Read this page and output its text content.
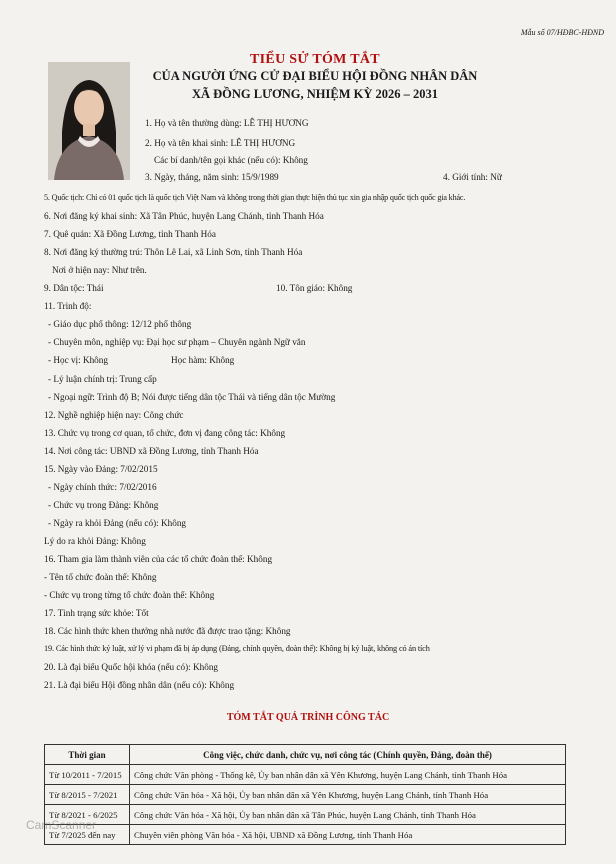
Mẫu số 07/HĐBC-HĐND
TIỂU SỬ TÓM TẮT
CỦA NGƯỜI ỨNG CỬ ĐẠI BIỂU HỘI ĐỒNG NHÂN DÂN
XÃ ĐỒNG LƯƠNG, NHIỆM KỲ 2026 – 2031
1. Họ và tên thường dùng: LÊ THỊ HƯƠNG
2. Họ và tên khai sinh: LÊ THỊ HƯƠNG
Các bí danh/tên gọi khác (nếu có): Không
3. Ngày, tháng, năm sinh: 15/9/1989	4. Giới tính: Nữ
5. Quốc tịch: Chỉ có 01 quốc tịch là quốc tịch Việt Nam và không trong thời gian thực hiện thủ tục xin gia nhập quốc tịch quốc gia khác.
6. Nơi đăng ký khai sinh: Xã Tân Phúc, huyện Lang Chánh, tỉnh Thanh Hóa
7. Quê quán: Xã Đồng Lương, tỉnh Thanh Hóa
8. Nơi đăng ký thường trú: Thôn Lê Lai, xã Linh Sơn, tỉnh Thanh Hóa
Nơi ở hiện nay: Như trên.
9. Dân tộc: Thái	10. Tôn giáo: Không
11. Trình độ:
- Giáo dục phổ thông: 12/12 phổ thông
- Chuyên môn, nghiệp vụ: Đại học sư phạm – Chuyên ngành Ngữ văn
- Học vị: Không	Học hàm: Không
- Lý luận chính trị: Trung cấp
- Ngoại ngữ: Trình độ B; Nói được tiếng dân tộc Thái và tiếng dân tộc Mường
12. Nghề nghiệp hiện nay: Công chức
13. Chức vụ trong cơ quan, tổ chức, đơn vị đang công tác: Không
14. Nơi công tác: UBND xã Đồng Lương, tỉnh Thanh Hóa
15. Ngày vào Đảng: 7/02/2015
- Ngày chính thức: 7/02/2016
- Chức vụ trong Đảng: Không
- Ngày ra khỏi Đảng (nếu có): Không
Lý do ra khỏi Đảng: Không
16. Tham gia làm thành viên của các tổ chức đoàn thể: Không
- Tên tổ chức đoàn thể: Không
- Chức vụ trong từng tổ chức đoàn thể: Không
17. Tình trạng sức khỏe: Tốt
18. Các hình thức khen thưởng nhà nước đã được trao tặng: Không
19. Các hình thức kỷ luật, xử lý vi phạm đã bị áp dụng (Đảng, chính quyền, đoàn thể): Không bị kỷ luật, không có án tích
20. Là đại biểu Quốc hội khóa (nếu có): Không
21. Là đại biểu Hội đồng nhân dân (nếu có): Không
TÓM TẮT QUÁ TRÌNH CÔNG TÁC
Thời gian	Công việc, chức danh, chức vụ, nơi công tác (Chính quyền, Đảng, đoàn thể)
Từ 10/2011 - 7/2015	Công chức Văn phòng - Thống kê, Ủy ban nhân dân xã Yên Khương, huyện Lang Chánh, tỉnh Thanh Hóa
Từ 8/2015 - 7/2021	Công chức Văn hóa - Xã hội, Ủy ban nhân dân xã Yên Khương, huyện Lang Chánh, tỉnh Thanh Hóa
Từ 8/2021 - 6/2025	Công chức Văn hóa - Xã hội, Ủy ban nhân dân xã Tân Phúc, huyện Lang Chánh, tỉnh Thanh Hóa
Từ 7/2025 đến nay	Chuyên viên phòng Văn hóa - Xã hội, UBND xã Đồng Lương, tỉnh Thanh Hóa
CamScanner
